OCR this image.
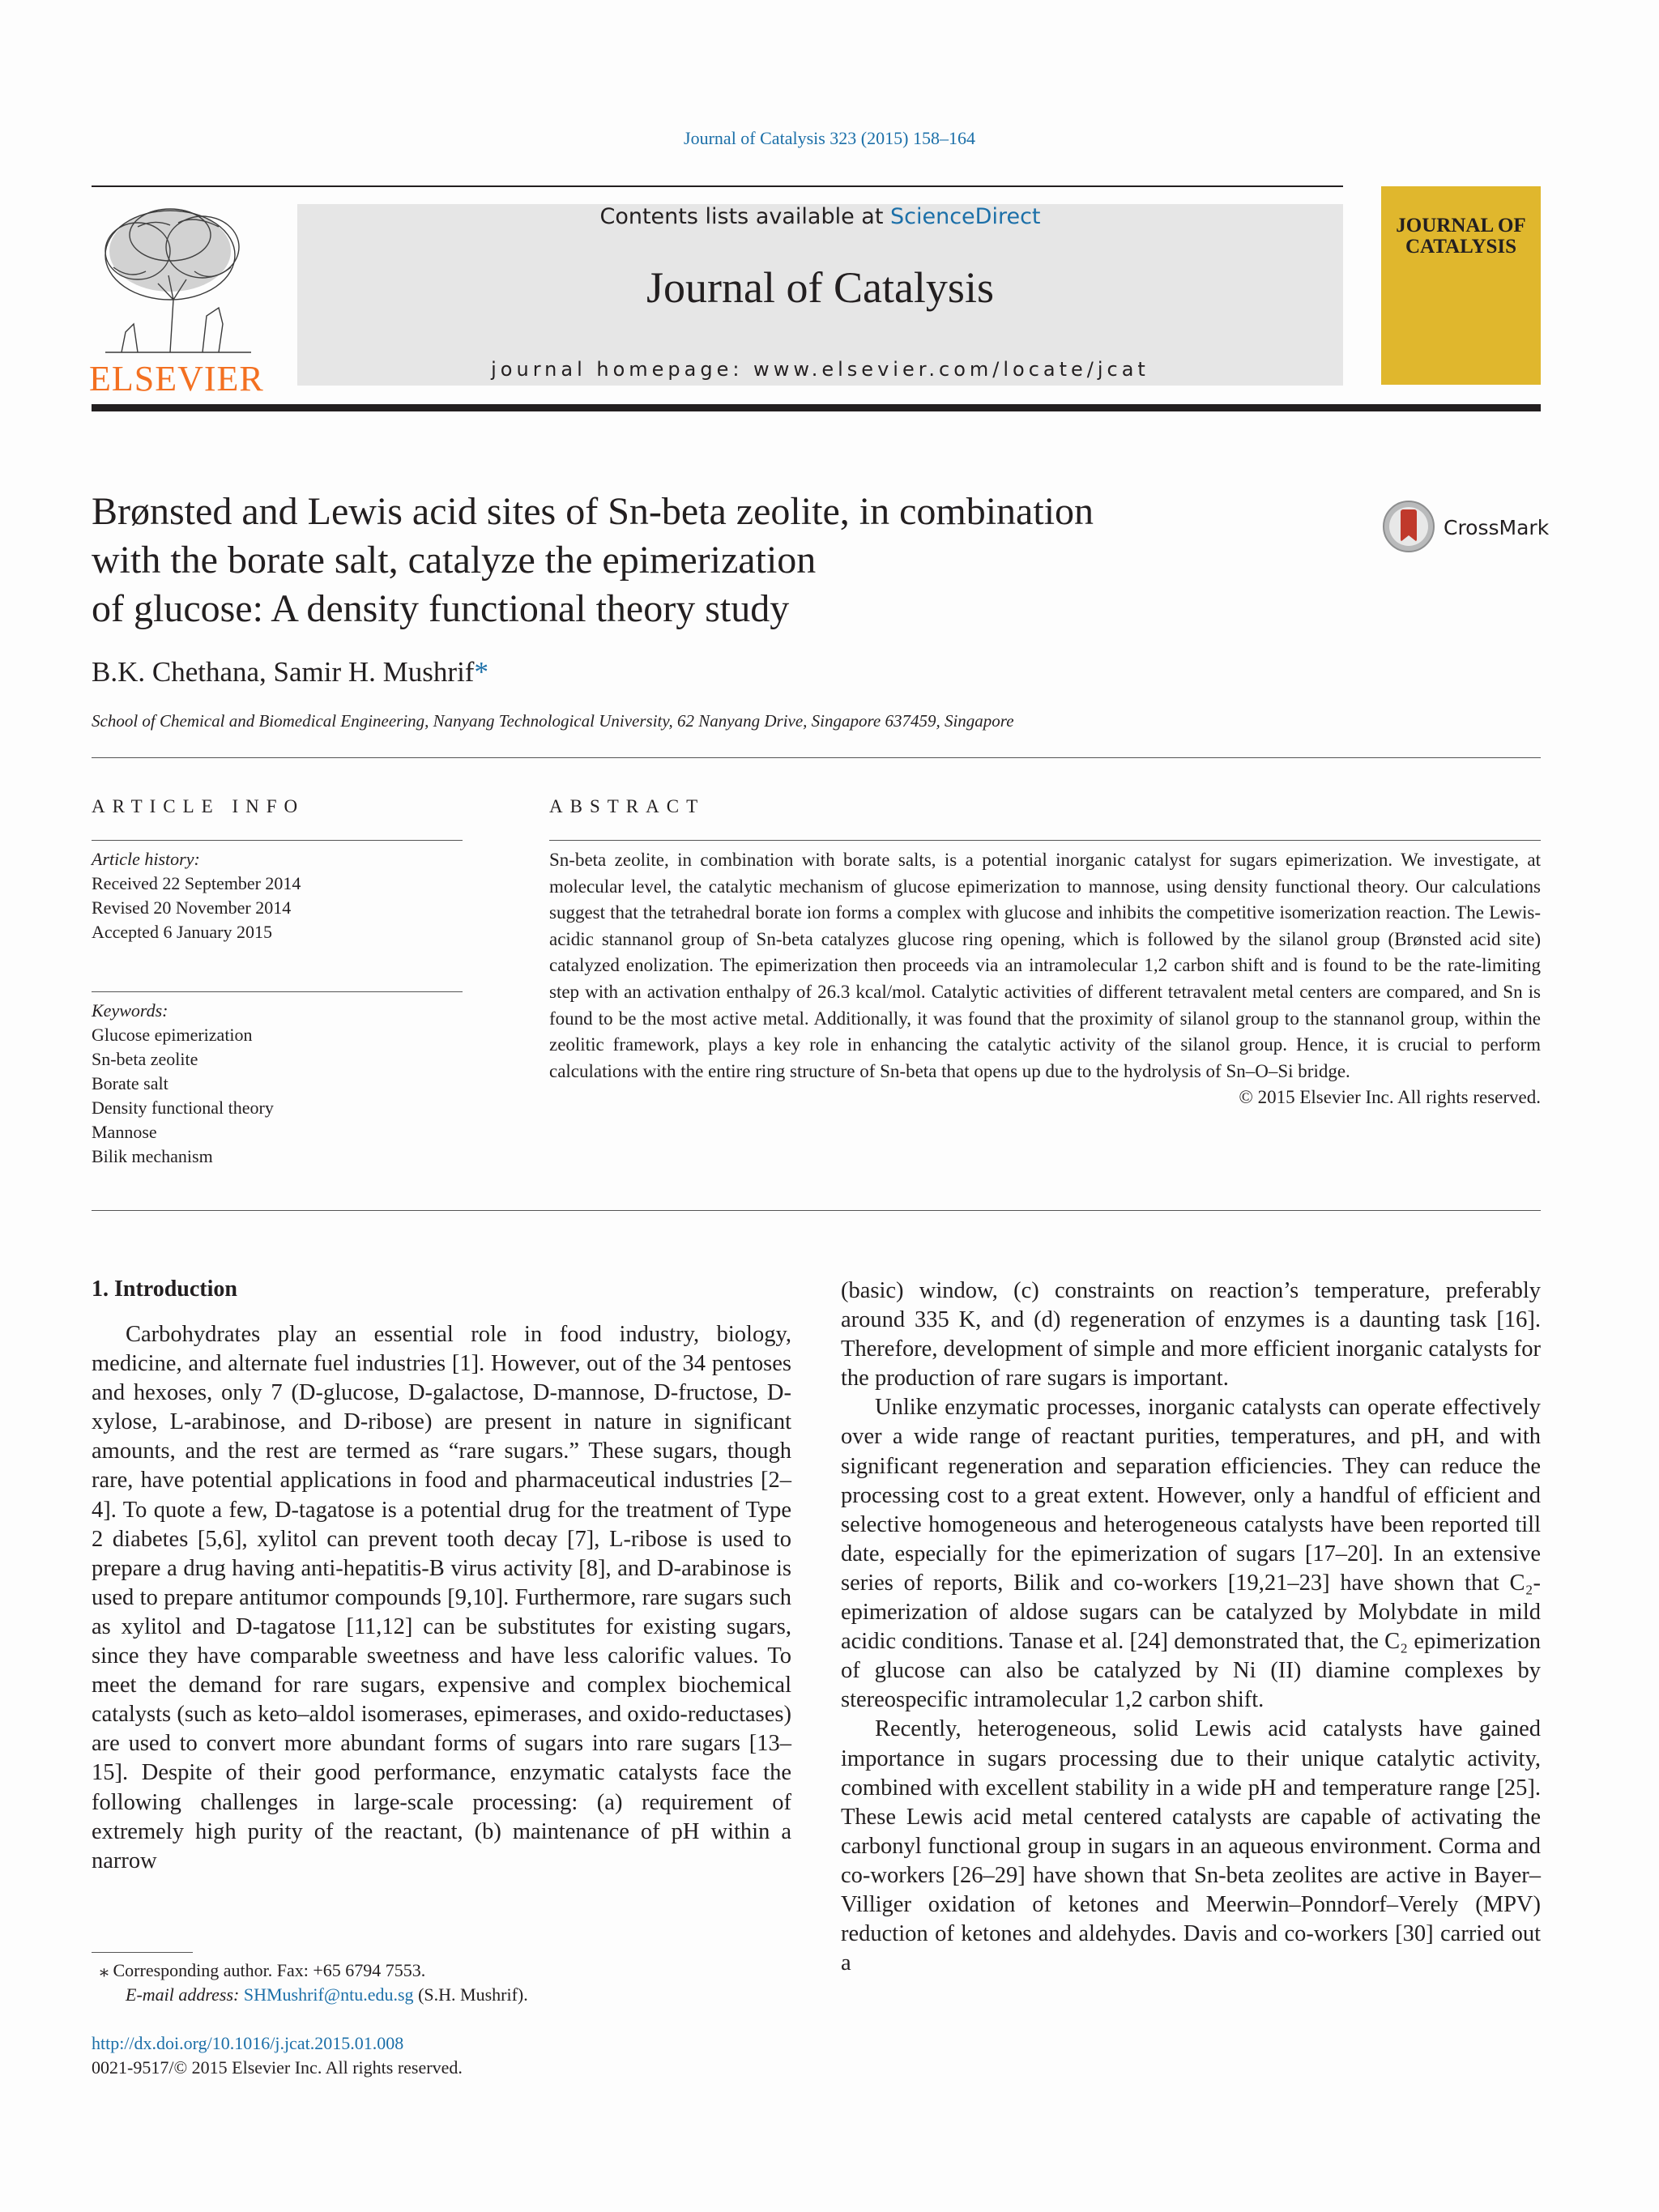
Journal of Catalysis 323 (2015) 158–164
ELSEVIER
Contents lists available at ScienceDirect
Journal of Catalysis
journal homepage: www.elsevier.com/locate/jcat
JOURNAL OF CATALYSIS
Brønsted and Lewis acid sites of Sn-beta zeolite, in combination
with the borate salt, catalyze the epimerization
of glucose: A density functional theory study
CrossMark
B.K. Chethana, Samir H. Mushrif*
School of Chemical and Biomedical Engineering, Nanyang Technological University, 62 Nanyang Drive, Singapore 637459, Singapore
ARTICLE INFO	ABSTRACT
Article history:
Received 22 September 2014
Revised 20 November 2014
Accepted 6 January 2015
Keywords:
Glucose epimerization
Sn-beta zeolite
Borate salt
Density functional theory
Mannose
Bilik mechanism
Sn-beta zeolite, in combination with borate salts, is a potential inorganic catalyst for sugars epimerization. We investigate, at molecular level, the catalytic mechanism of glucose epimerization to mannose, using density functional theory. Our calculations suggest that the tetrahedral borate ion forms a complex with glucose and inhibits the competitive isomerization reaction. The Lewis-acidic stannanol group of Sn-beta catalyzes glucose ring opening, which is followed by the silanol group (Brønsted acid site) catalyzed enolization. The epimerization then proceeds via an intramolecular 1,2 carbon shift and is found to be the rate-limiting step with an activation enthalpy of 26.3 kcal/mol. Catalytic activities of different tetravalent metal centers are compared, and Sn is found to be the most active metal. Additionally, it was found that the proximity of silanol group to the stannanol group, within the zeolitic framework, plays a key role in enhancing the catalytic activity of the silanol group. Hence, it is crucial to perform calculations with the entire ring structure of Sn-beta that opens up due to the hydrolysis of Sn–O–Si bridge.
© 2015 Elsevier Inc. All rights reserved.
1. Introduction

Carbohydrates play an essential role in food industry, biology, medicine, and alternate fuel industries [1]. However, out of the 34 pentoses and hexoses, only 7 (D-glucose, D-galactose, D-mannose, D-fructose, D-xylose, L-arabinose, and D-ribose) are present in nature in significant amounts, and the rest are termed as “rare sugars.” These sugars, though rare, have potential applications in food and pharmaceutical industries [2–4]. To quote a few, D-tagatose is a potential drug for the treatment of Type 2 diabetes [5,6], xylitol can prevent tooth decay [7], L-ribose is used to prepare a drug having anti-hepatitis-B virus activity [8], and D-arabinose is used to prepare antitumor compounds [9,10]. Furthermore, rare sugars such as xylitol and D-tagatose [11,12] can be substitutes for existing sugars, since they have comparable sweetness and have less calorific values. To meet the demand for rare sugars, expensive and complex biochemical catalysts (such as keto–aldol isomerases, epimerases, and oxido-reductases) are used to convert more abundant forms of sugars into rare sugars [13–15]. Despite of their good performance, enzymatic catalysts face the following challenges in large-scale processing: (a) requirement of extremely high purity of the reactant, (b) maintenance of pH within a narrow

(basic) window, (c) constraints on reaction’s temperature, preferably around 335 K, and (d) regeneration of enzymes is a daunting task [16]. Therefore, development of simple and more efficient inorganic catalysts for the production of rare sugars is important.

Unlike enzymatic processes, inorganic catalysts can operate effectively over a wide range of reactant purities, temperatures, and pH, and with significant regeneration and separation efficiencies. They can reduce the processing cost to a great extent. However, only a handful of efficient and selective homogeneous and heterogeneous catalysts have been reported till date, especially for the epimerization of sugars [17–20]. In an extensive series of reports, Bilik and co-workers [19,21–23] have shown that C₂-epimerization of aldose sugars can be catalyzed by Molybdate in mild acidic conditions. Tanase et al. [24] demonstrated that, the C₂ epimerization of glucose can also be catalyzed by Ni (II) diamine complexes by stereospecific intramolecular 1,2 carbon shift.

Recently, heterogeneous, solid Lewis acid catalysts have gained importance in sugars processing due to their unique catalytic activity, combined with excellent stability in a wide pH and temperature range [25]. These Lewis acid metal centered catalysts are capable of activating the carbonyl functional group in sugars in an aqueous environment. Corma and co-workers [26–29] have shown that Sn-beta zeolites are active in Bayer–Villiger oxidation of ketones and Meerwin–Ponndorf–Verely (MPV) reduction of ketones and aldehydes. Davis and co-workers [30] carried out a

⁎ Corresponding author. Fax: +65 6794 7553.
E-mail address: SHMushrif@ntu.edu.sg (S.H. Mushrif).
http://dx.doi.org/10.1016/j.jcat.2015.01.008
0021-9517/© 2015 Elsevier Inc. All rights reserved.
